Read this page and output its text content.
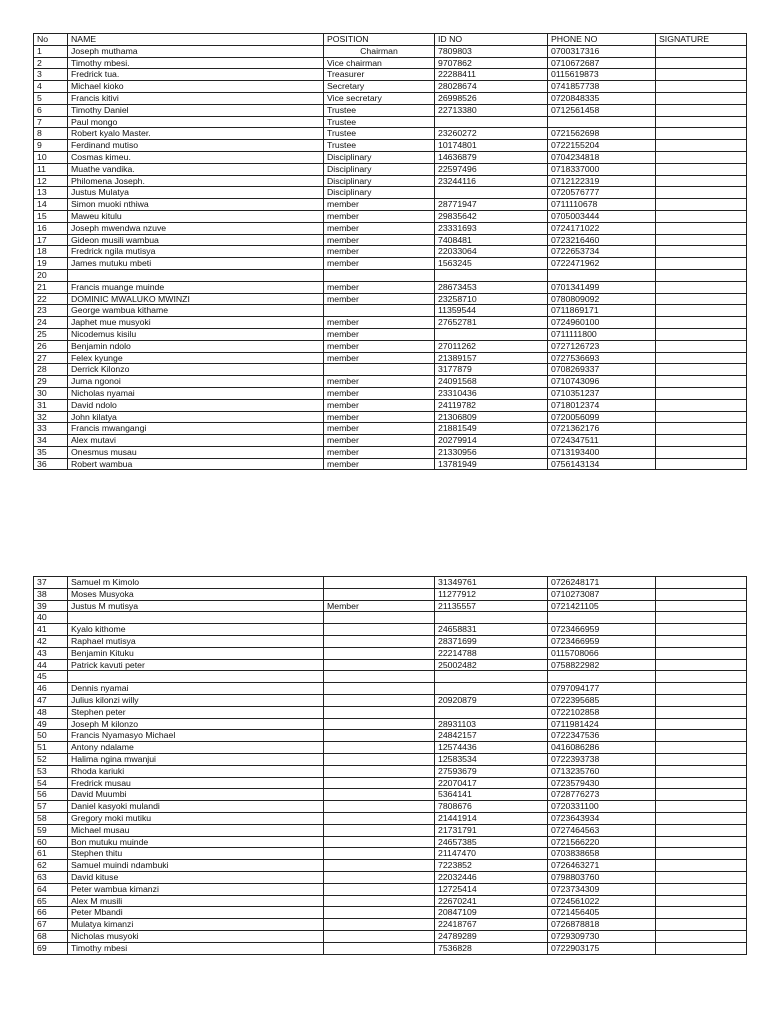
No	NAME	POSITION	ID NO	PHONE NO	SIGNATURE
1	Joseph muthama	Chairman	7809803	0700317316	
2	Timothy mbesi.	Vice chairman	9707862	0710672687	
3	Fredrick tua.	Treasurer	22288411	0115619873	
4	Michael kioko	Secretary	28028674	0741857738	
5	Francis kitivi	Vice secretary	26998526	0720848335	
6	Timothy Daniel	Trustee	22713380	0712561458	
7	Paul mongo	Trustee			
8	Robert kyalo Master.	Trustee	23260272	0721562698	
9	Ferdinand mutiso	Trustee	10174801	0722155204	
10	Cosmas kimeu.	Disciplinary	14636879	0704234818	
11	Muathe vandika.	Disciplinary	22597496	0718337000	
12	Philomena Joseph.	Disciplinary	23244116	0712122319	
13	Justus Mulatya	Disciplinary		0720576777	
14	Simon muoki nthiwa	member	28771947	0711110678	
15	Maweu kitulu	member	29835642	0705003444	
16	Joseph mwendwa nzuve	member	23331693	0724171022	
17	Gideon musili wambua	member	7408481	0723216460	
18	Fredrick ngila mutisya	member	22033064	0722653734	
19	James mutuku mbeti	member	1563245	0722471962	
20					
21	Francis muange muinde	member	28673453	0701341499	
22	DOMINIC MWALUKO MWINZI	member	23258710	0780809092	
23	George wambua kithame		11359544	0711869171	
24	Japhet mue musyoki	member	27652781	0724960100	
25	Nicodemus kisilu	member		0711111800	
26	Benjamin ndolo	member	27011262	0727126723	
27	Felex kyunge	member	21389157	0727536693	
28	Derrick Kilonzo		3177879	0708269337	
29	Juma ngonoi	member	24091568	0710743096	
30	Nicholas nyamai	member	23310436	0710351237	
31	David ndolo	member	24119782	0718012374	
32	John kilatya	member	21306809	0720056099	
33	Francis mwangangi	member	21881549	0721362176	
34	Alex mutavi	member	20279914	0724347511	
35	Onesmus musau	member	21330956	0713193400	
36	Robert wambua	member	13781949	0756143134	
37	Samuel m Kimolo		31349761	0726248171	
38	Moses Musyoka		11277912	0710273087	
39	Justus M mutisya	Member	21135557	0721421105	
40					
41	Kyalo kithome		24658831	0723466959	
42	Raphael mutisya		28371699	0723466959	
43	Benjamin Kituku		22214788	0115708066	
44	Patrick kavuti peter		25002482	0758822982	
45					
46	Dennis nyamai			0797094177	
47	Julius kilonzi willy		20920879	0722395685	
48	Stephen peter			0722102858	
49	Joseph M kilonzo		28931103	0711981424	
50	Francis Nyamasyo Michael		24842157	0722347536	
51	Antony ndalame		12574436	0416086286	
52	Halima ngina mwanjui		12583534	0722393738	
53	Rhoda kariuki		27593679	0713235760	
54	Fredrick musau		22070417	0723579430	
56	David Muumbi		5364141	0728776273	
57	Daniel kasyoki mulandi		7808676	0720331100	
58	Gregory moki mutiku		21441914	0723643934	
59	Michael musau		21731791	0727464563	
60	Bon mutuku muinde		24657385	0721566220	
61	Stephen thitu		21147470	0703838658	
62	Samuel muindi ndambuki		7223852	0726463271	
63	David kituse		22032446	0798803760	
64	Peter wambua kimanzi		12725414	0723734309	
65	Alex M musili		22670241	0724561022	
66	Peter Mbandi		20847109	0721456405	
67	Mulatya kimanzi		22418767	0726878818	
68	Nicholas musyoki		24789289	0729309730	
69	Timothy mbesi		7536828	0722903175	
